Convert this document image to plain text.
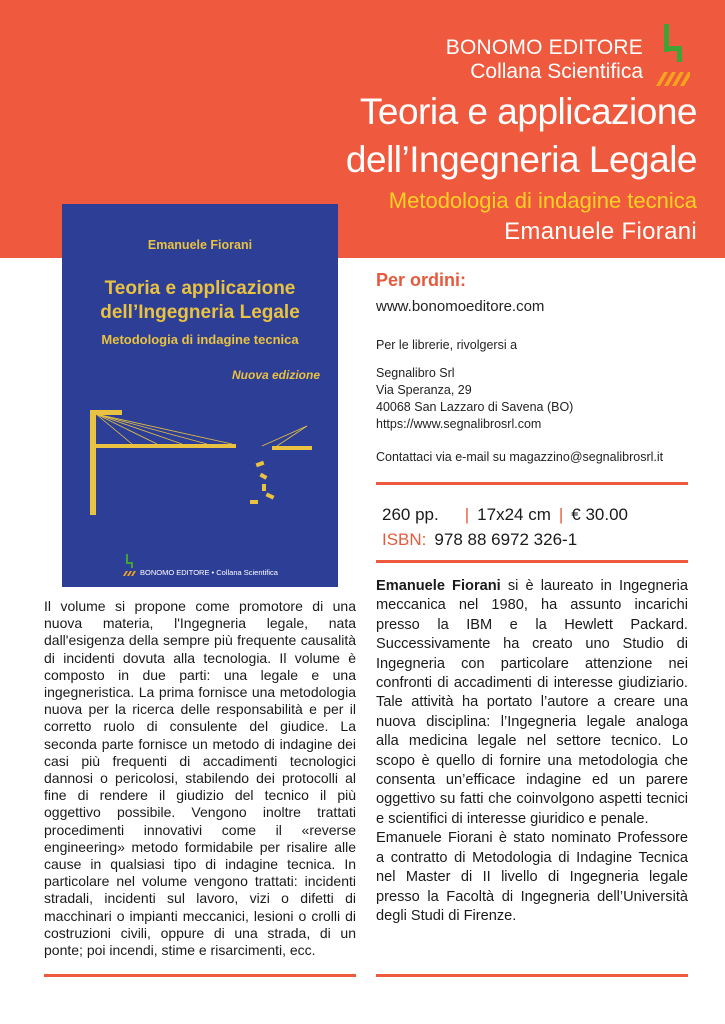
BONOMO EDITORE
Collana Scientifica
Teoria e applicazione
dell’Ingegneria Legale
Metodologia di indagine tecnica
Emanuele Fiorani
Emanuele Fiorani
Teoria e applicazione
dell’Ingegneria Legale
Metodologia di indagine tecnica
Nuova edizione
BONOMO EDITORE • Collana Scientifica
Per ordini:
www.bonomoeditore.com
Per le librerie, rivolgersi a
Segnalibro Srl
Via Speranza, 29
40068 San Lazzaro di Savena (BO)
https://www.segnalibrosrl.com
Contattaci via e-mail su magazzino@segnalibrosrl.it
260 pp. | 17x24 cm | € 30.00
ISBN: 978 88 6972 326-1
Il volume si propone come promotore di una nuova materia, l'Ingegneria legale, nata dall'esigenza della sempre più frequente causalità di incidenti dovuta alla tecnologia. Il volume è composto in due parti: una legale e una ingegneristica. La prima fornisce una metodologia nuova per la ricerca delle responsabilità e per il corretto ruolo di consulente del giudice. La seconda parte fornisce un metodo di indagine dei casi più frequenti di accadimenti tecnologici dannosi o pericolosi, stabilendo dei protocolli al fine di rendere il giudizio del tecnico il più oggettivo possibile. Vengono inoltre trattati procedimenti innovativi come il «reverse engineering» metodo formidabile per risalire alle cause in qualsiasi tipo di indagine tecnica. In particolare nel volume vengono trattati: incidenti stradali, incidenti sul lavoro, vizi o difetti di macchinari o impianti meccanici, lesioni o crolli di costruzioni civili, oppure di una strada, di un ponte; poi incendi, stime e risarcimenti, ecc.

Emanuele Fiorani si è laureato in Ingegneria meccanica nel 1980, ha assunto incarichi presso la IBM e la Hewlett Packard. Successivamente ha creato uno Studio di Ingegneria con particolare attenzione nei confronti di accadimenti di interesse giudiziario. Tale attività ha portato l’autore a creare una nuova disciplina: l’Ingegneria legale analoga alla medicina legale nel settore tecnico. Lo scopo è quello di fornire una metodologia che consenta un’efficace indagine ed un parere oggettivo su fatti che coinvolgono aspetti tecnici e scientifici di interesse giuridico e penale.

Emanuele Fiorani è stato nominato Professore a contratto di Metodologia di Indagine Tecnica nel Master di II livello di Ingegneria legale presso la Facoltà di Ingegneria dell’Università degli Studi di Firenze.
